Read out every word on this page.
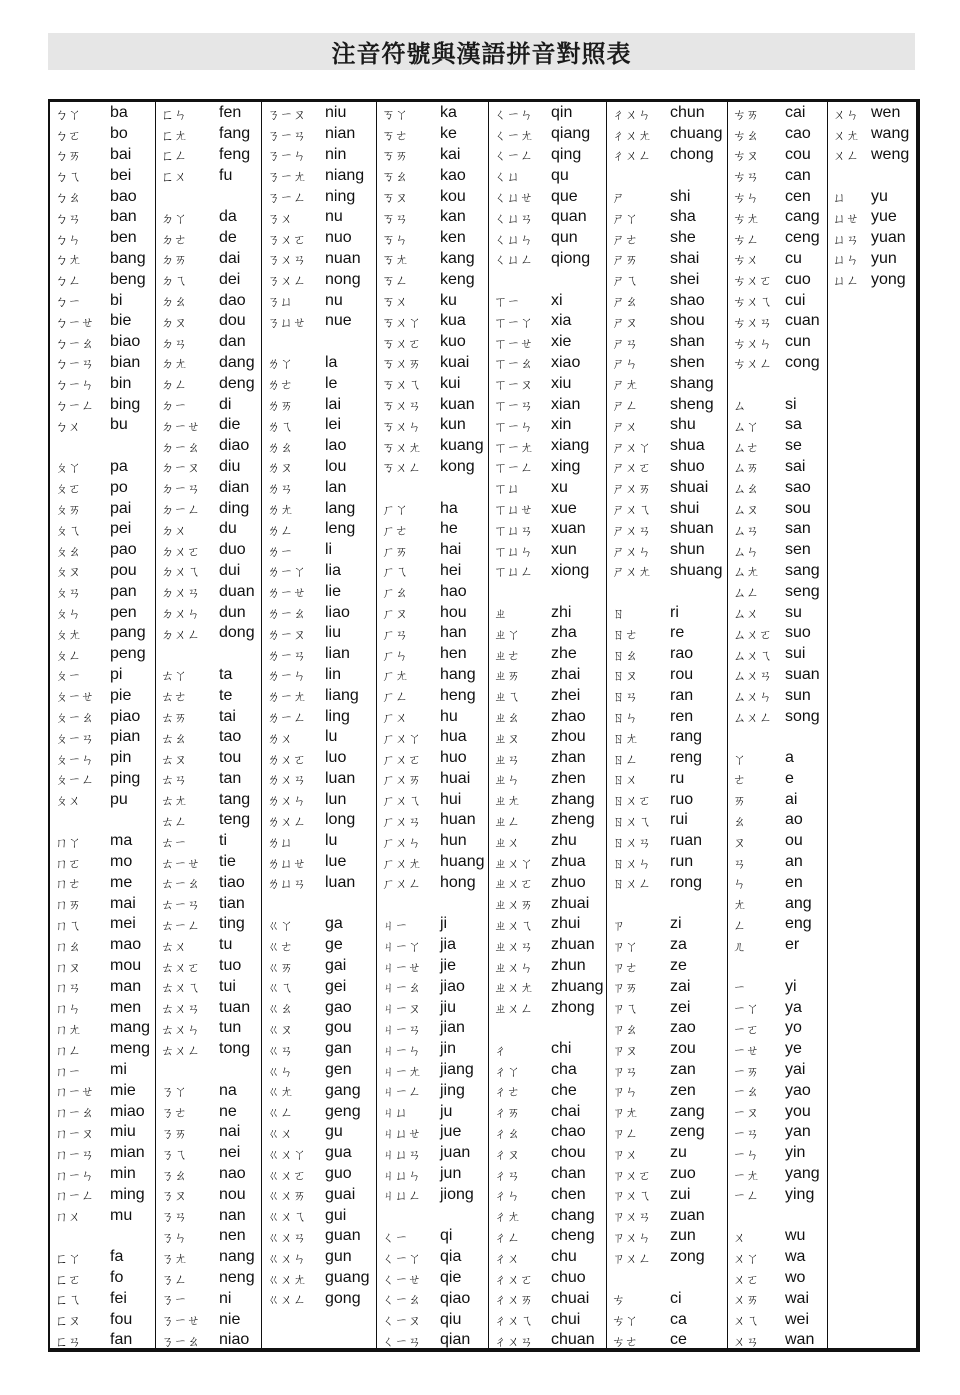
注音符號與漢語拼音對照表
ㄅㄚ	ba
ㄅㄛ	bo
ㄅㄞ	bai
ㄅㄟ	bei
ㄅㄠ	bao
ㄅㄢ	ban
ㄅㄣ	ben
ㄅㄤ	bang
ㄅㄥ	beng
ㄅㄧ	bi
ㄅㄧㄝ bie
ㄅㄧㄠ biao
ㄅㄧㄢ bian
ㄅㄧㄣ bin
ㄅㄧㄥ bing
ㄅㄨ	bu
ㄆㄚ	pa
ㄆㄛ	po
ㄆㄞ	pai
ㄆㄟ	pei
ㄆㄠ	pao
ㄆㄡ	pou
ㄆㄢ	pan
ㄆㄣ	pen
ㄆㄤ	pang
ㄆㄥ	peng
ㄆㄧ	pi
ㄆㄧㄝ pie
ㄆㄧㄠ piao
ㄆㄧㄢ pian
ㄆㄧㄣ pin
ㄆㄧㄥ ping
ㄆㄨ	pu
ㄇㄚ	ma
ㄇㄛ	mo
ㄇㄜ	me
ㄇㄞ	mai
ㄇㄟ	mei
ㄇㄠ	mao
ㄇㄡ	mou
ㄇㄢ	man
ㄇㄣ	men
ㄇㄤ	mang
ㄇㄥ	meng
ㄇㄧ	mi
ㄇㄧㄝ mie
ㄇㄧㄠ miao
ㄇㄧㄡ miu
ㄇㄧㄢ mian
ㄇㄧㄣ min
ㄇㄧㄥ ming
ㄇㄨ	mu
ㄈㄚ	fa
ㄈㄛ	fo
ㄈㄟ	fei
ㄈㄡ	fou
ㄈㄢ	fan
ㄈㄣ	fen
ㄈㄤ	fang
ㄈㄥ	feng
ㄈㄨ	fu
ㄉㄚ	da
ㄉㄜ	de
ㄉㄞ	dai
ㄉㄟ	dei
ㄉㄠ	dao
ㄉㄡ	dou
ㄉㄢ	dan
ㄉㄤ	dang
ㄉㄥ	deng
ㄉㄧ	di
ㄉㄧㄝ	die
ㄉㄧㄠ	diao
ㄉㄧㄡ	diu
ㄉㄧㄢ	dian
ㄉㄧㄥ	ding
ㄉㄨ	du
ㄉㄨㄛ	duo
ㄉㄨㄟ	dui
ㄉㄨㄢ	duan
ㄉㄨㄣ	dun
ㄉㄨㄥ	dong
ㄊㄚ	ta
ㄊㄜ	te
ㄊㄞ	tai
ㄊㄠ	tao
ㄊㄡ	tou
ㄊㄢ	tan
ㄊㄤ	tang
ㄊㄥ	teng
ㄊㄧ	ti
ㄊㄧㄝ	tie
ㄊㄧㄠ	tiao
ㄊㄧㄢ	tian
ㄊㄧㄥ	ting
ㄊㄨ	tu
ㄊㄨㄛ	tuo
ㄊㄨㄟ	tui
ㄊㄨㄢ	tuan
ㄊㄨㄣ	tun
ㄊㄨㄥ	tong
ㄋㄚ	na
ㄋㄜ	ne
ㄋㄞ	nai
ㄋㄟ	nei
ㄋㄠ	nao
ㄋㄡ	nou
ㄋㄢ	nan
ㄋㄣ	nen
ㄋㄤ	nang
ㄋㄥ	neng
ㄋㄧ	ni
ㄋㄧㄝ	nie
ㄋㄧㄠ	niao
ㄋㄧㄡ	niu
ㄋㄧㄢ	nian
ㄋㄧㄣ	nin
ㄋㄧㄤ	niang
ㄋㄧㄥ	ning
ㄋㄨ	nu
ㄋㄨㄛ	nuo
ㄋㄨㄢ	nuan
ㄋㄨㄥ	nong
ㄋㄩ	nu
ㄋㄩㄝ	nue
ㄌㄚ	la
ㄌㄜ	le
ㄌㄞ	lai
ㄌㄟ	lei
ㄌㄠ	lao
ㄌㄡ	lou
ㄌㄢ	lan
ㄌㄤ	lang
ㄌㄥ	leng
ㄌㄧ	li
ㄌㄧㄚ	lia
ㄌㄧㄝ	lie
ㄌㄧㄠ	liao
ㄌㄧㄡ	liu
ㄌㄧㄢ	lian
ㄌㄧㄣ	lin
ㄌㄧㄤ	liang
ㄌㄧㄥ	ling
ㄌㄨ	lu
ㄌㄨㄛ	luo
ㄌㄨㄢ	luan
ㄌㄨㄣ	lun
ㄌㄨㄥ	long
ㄌㄩ	lu
ㄌㄩㄝ	lue
ㄌㄩㄢ	luan
ㄍㄚ	ga
ㄍㄜ	ge
ㄍㄞ	gai
ㄍㄟ	gei
ㄍㄠ	gao
ㄍㄡ	gou
ㄍㄢ	gan
ㄍㄣ	gen
ㄍㄤ	gang
ㄍㄥ	geng
ㄍㄨ	gu
ㄍㄨㄚ	gua
ㄍㄨㄛ	guo
ㄍㄨㄞ	guai
ㄍㄨㄟ	gui
ㄍㄨㄢ	guan
ㄍㄨㄣ	gun
ㄍㄨㄤ	guang
ㄍㄨㄥ	gong
ㄎㄚ	ka
ㄎㄜ	ke
ㄎㄞ	kai
ㄎㄠ	kao
ㄎㄡ	kou
ㄎㄢ	kan
ㄎㄣ	ken
ㄎㄤ	kang
ㄎㄥ	keng
ㄎㄨ	ku
ㄎㄨㄚ	kua
ㄎㄨㄛ	kuo
ㄎㄨㄞ	kuai
ㄎㄨㄟ	kui
ㄎㄨㄢ	kuan
ㄎㄨㄣ	kun
ㄎㄨㄤ	kuang
ㄎㄨㄥ	kong
ㄏㄚ	ha
ㄏㄜ	he
ㄏㄞ	hai
ㄏㄟ	hei
ㄏㄠ	hao
ㄏㄡ	hou
ㄏㄢ	han
ㄏㄣ	hen
ㄏㄤ	hang
ㄏㄥ	heng
ㄏㄨ	hu
ㄏㄨㄚ	hua
ㄏㄨㄛ	huo
ㄏㄨㄞ	huai
ㄏㄨㄟ	hui
ㄏㄨㄢ	huan
ㄏㄨㄣ	hun
ㄏㄨㄤ	huang
ㄏㄨㄥ	hong
ㄐㄧ	ji
ㄐㄧㄚ	jia
ㄐㄧㄝ	jie
ㄐㄧㄠ	jiao
ㄐㄧㄡ	jiu
ㄐㄧㄢ	jian
ㄐㄧㄣ	jin
ㄐㄧㄤ	jiang
ㄐㄧㄥ	jing
ㄐㄩ	ju
ㄐㄩㄝ	jue
ㄐㄩㄢ	juan
ㄐㄩㄣ	jun
ㄐㄩㄥ	jiong
ㄑㄧ	qi
ㄑㄧㄚ	qia
ㄑㄧㄝ	qie
ㄑㄧㄠ	qiao
ㄑㄧㄡ	qiu
ㄑㄧㄢ	qian
ㄑㄧㄣ	qin
ㄑㄧㄤ	qiang
ㄑㄧㄥ	qing
ㄑㄩ	qu
ㄑㄩㄝ	que
ㄑㄩㄢ	quan
ㄑㄩㄣ	qun
ㄑㄩㄥ	qiong
ㄒㄧ	xi
ㄒㄧㄚ	xia
ㄒㄧㄝ	xie
ㄒㄧㄠ	xiao
ㄒㄧㄡ	xiu
ㄒㄧㄢ	xian
ㄒㄧㄣ	xin
ㄒㄧㄤ	xiang
ㄒㄧㄥ	xing
ㄒㄩ	xu
ㄒㄩㄝ	xue
ㄒㄩㄢ	xuan
ㄒㄩㄣ	xun
ㄒㄩㄥ	xiong
ㄓ	zhi
ㄓㄚ	zha
ㄓㄜ	zhe
ㄓㄞ	zhai
ㄓㄟ	zhei
ㄓㄠ	zhao
ㄓㄡ	zhou
ㄓㄢ	zhan
ㄓㄣ	zhen
ㄓㄤ	zhang
ㄓㄥ	zheng
ㄓㄨ	zhu
ㄓㄨㄚ	zhua
ㄓㄨㄛ	zhuo
ㄓㄨㄞ	zhuai
ㄓㄨㄟ	zhui
ㄓㄨㄢ	zhuan
ㄓㄨㄣ	zhun
ㄓㄨㄤ	zhuang
ㄓㄨㄥ	zhong
ㄔ	chi
ㄔㄚ	cha
ㄔㄜ	che
ㄔㄞ	chai
ㄔㄠ	chao
ㄔㄡ	chou
ㄔㄢ	chan
ㄔㄣ	chen
ㄔㄤ	chang
ㄔㄥ	cheng
ㄔㄨ	chu
ㄔㄨㄛ	chuo
ㄔㄨㄞ	chuai
ㄔㄨㄟ	chui
ㄔㄨㄢ	chuan
ㄔㄨㄣ	chun
ㄔㄨㄤ	chuang
ㄔㄨㄥ	chong
ㄕ	shi
ㄕㄚ	sha
ㄕㄜ	she
ㄕㄞ	shai
ㄕㄟ	shei
ㄕㄠ	shao
ㄕㄡ	shou
ㄕㄢ	shan
ㄕㄣ	shen
ㄕㄤ	shang
ㄕㄥ	sheng
ㄕㄨ	shu
ㄕㄨㄚ	shua
ㄕㄨㄛ	shuo
ㄕㄨㄞ	shuai
ㄕㄨㄟ	shui
ㄕㄨㄢ	shuan
ㄕㄨㄣ	shun
ㄕㄨㄤ	shuang
ㄖ	ri
ㄖㄜ	re
ㄖㄠ	rao
ㄖㄡ	rou
ㄖㄢ	ran
ㄖㄣ	ren
ㄖㄤ	rang
ㄖㄥ	reng
ㄖㄨ	ru
ㄖㄨㄛ	ruo
ㄖㄨㄟ	rui
ㄖㄨㄢ	ruan
ㄖㄨㄣ	run
ㄖㄨㄥ	rong
ㄗ	zi
ㄗㄚ	za
ㄗㄜ	ze
ㄗㄞ	zai
ㄗㄟ	zei
ㄗㄠ	zao
ㄗㄡ	zou
ㄗㄢ	zan
ㄗㄣ	zen
ㄗㄤ	zang
ㄗㄥ	zeng
ㄗㄨ	zu
ㄗㄨㄛ	zuo
ㄗㄨㄟ	zui
ㄗㄨㄢ	zuan
ㄗㄨㄣ	zun
ㄗㄨㄥ	zong
ㄘ	ci
ㄘㄚ	ca
ㄘㄜ	ce
ㄘㄞ	cai
ㄘㄠ	cao
ㄘㄡ	cou
ㄘㄢ	can
ㄘㄣ	cen
ㄘㄤ	cang
ㄘㄥ	ceng
ㄘㄨ	cu
ㄘㄨㄛ cuo
ㄘㄨㄟ cui
ㄘㄨㄢ cuan
ㄘㄨㄣ cun
ㄘㄨㄥ cong
ㄙ	si
ㄙㄚ	sa
ㄙㄜ	se
ㄙㄞ	sai
ㄙㄠ	sao
ㄙㄡ	sou
ㄙㄢ	san
ㄙㄣ	sen
ㄙㄤ	sang
ㄙㄥ	seng
ㄙㄨ	su
ㄙㄨㄛ suo
ㄙㄨㄟ sui
ㄙㄨㄢ suan
ㄙㄨㄣ sun
ㄙㄨㄥ song
ㄚ	a
ㄜ	e
ㄞ	ai
ㄠ	ao
ㄡ	ou
ㄢ	an
ㄣ	en
ㄤ	ang
ㄥ	eng
ㄦ	er
ㄧ	yi
ㄧㄚ	ya
ㄧㄛ	yo
ㄧㄝ	ye
ㄧㄞ	yai
ㄧㄠ	yao
ㄧㄡ	you
ㄧㄢ	yan
ㄧㄣ	yin
ㄧㄤ	yang
ㄧㄥ	ying
ㄨ	wu
ㄨㄚ	wa
ㄨㄛ	wo
ㄨㄞ	wai
ㄨㄟ	wei
ㄨㄢ	wan
ㄨㄣ wen
ㄨㄤ wang
ㄨㄥ weng
ㄩ	yu
ㄩㄝ yue
ㄩㄢ yuan
ㄩㄣ yun
ㄩㄥ yong
